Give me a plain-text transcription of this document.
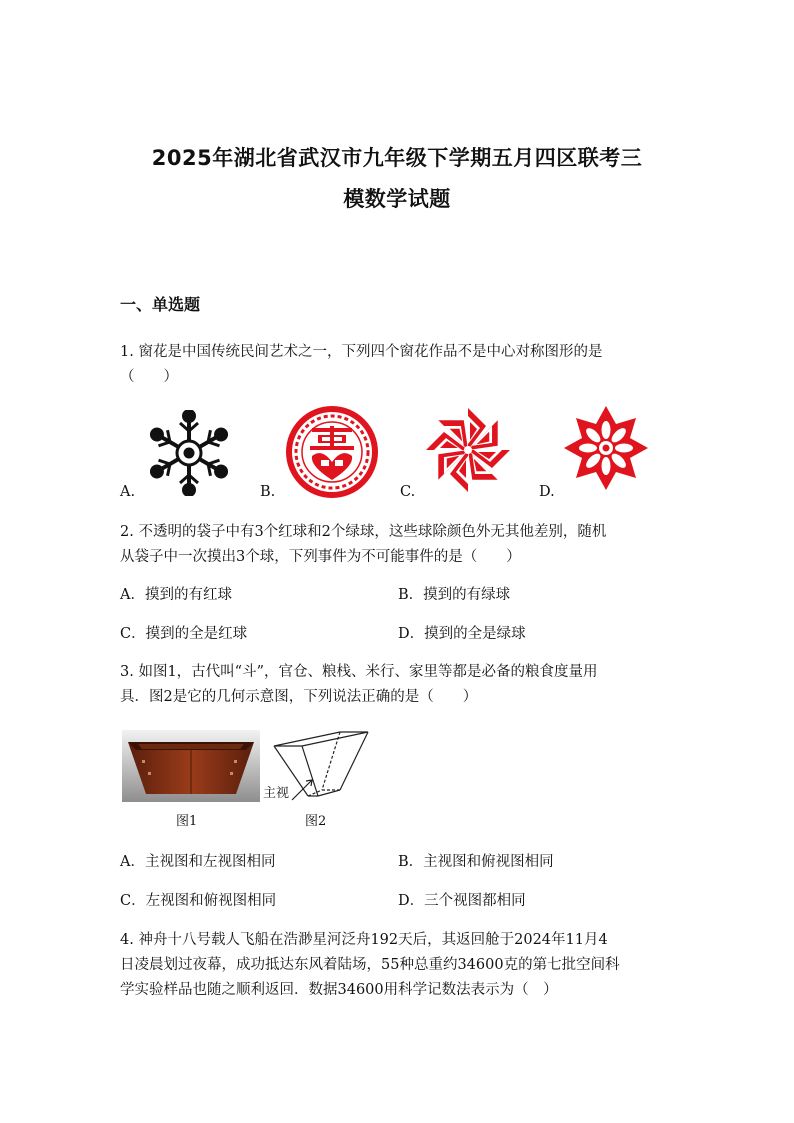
2025年湖北省武汉市九年级下学期五月四区联考三
模数学试题
一、单选题
1. 窗花是中国传统民间艺术之一，下列四个窗花作品不是中心对称图形的是
（　　）
A.	B.	C.	D.
2. 不透明的袋子中有3个红球和2个绿球，这些球除颜色外无其他差别，随机
从袋子中一次摸出3个球，下列事件为不可能事件的是（　　）
A．摸到的有红球	B．摸到的有绿球
C．摸到的全是红球	D．摸到的全是绿球
3. 如图1，古代叫“斗”，官仓、粮栈、米行、家里等都是必备的粮食度量用
具．图2是它的几何示意图，下列说法正确的是（　　）
主视
图1	图2
A．主视图和左视图相同	B．主视图和俯视图相同
C．左视图和俯视图相同	D．三个视图都相同
4. 神舟十八号载人飞船在浩渺星河泛舟192天后，其返回舱于2024年11月4
日凌晨划过夜幕，成功抵达东风着陆场，55种总重约34600克的第七批空间科
学实验样品也随之顺利返回．数据34600用科学记数法表示为（　）
